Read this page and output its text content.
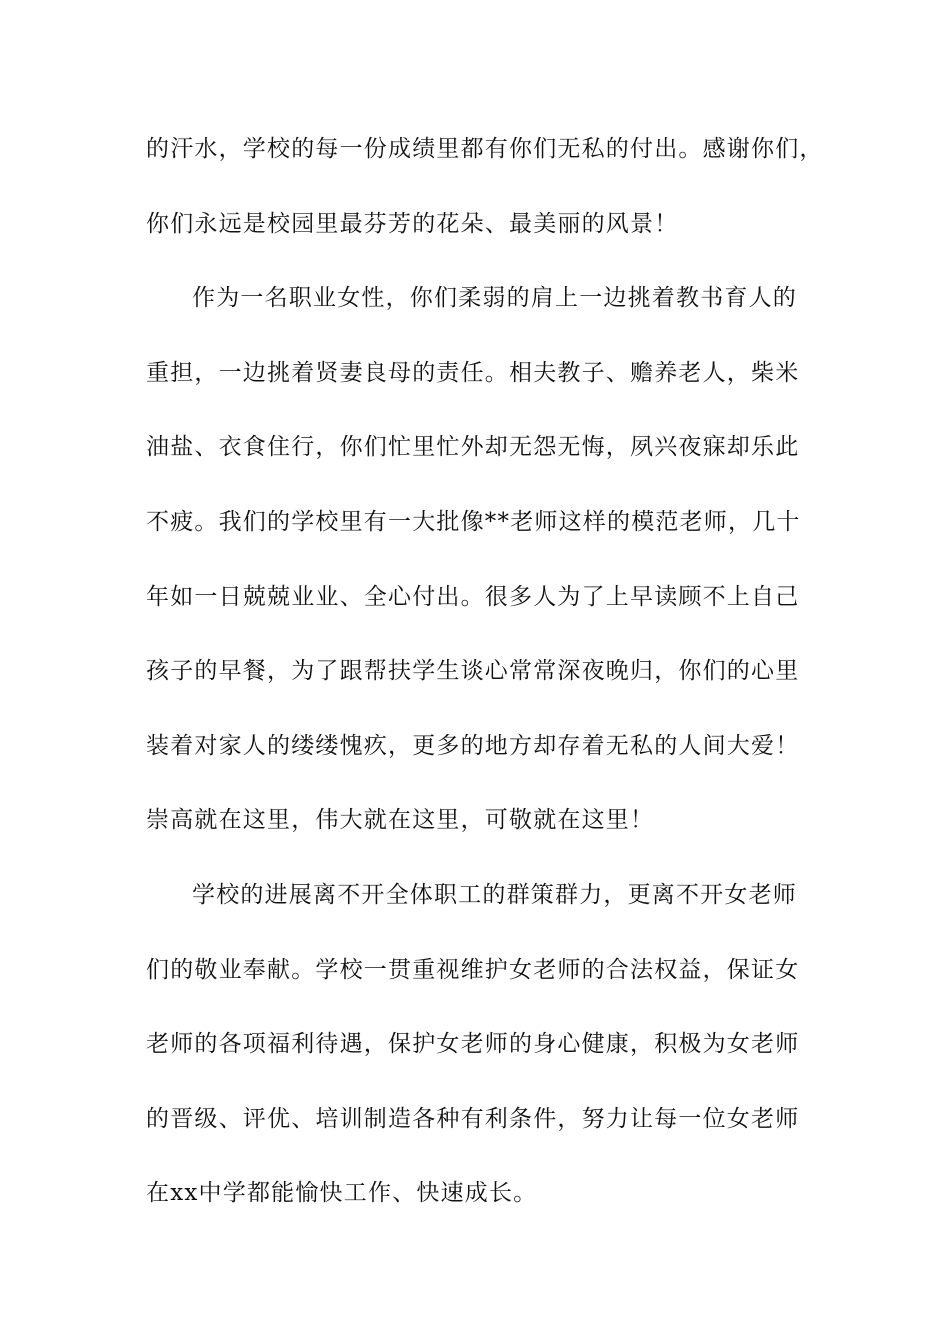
的汗水，学校的每一份成绩里都有你们无私的付出。感谢你们，
你们永远是校园里最芬芳的花朵、最美丽的风景！
作为一名职业女性，你们柔弱的肩上一边挑着教书育人的
重担，一边挑着贤妻良母的责任。相夫教子、赡养老人，柴米
油盐、衣食住行，你们忙里忙外却无怨无悔，夙兴夜寐却乐此
不疲。我们的学校里有一大批像**老师这样的模范老师，几十
年如一日兢兢业业、全心付出。很多人为了上早读顾不上自己
孩子的早餐，为了跟帮扶学生谈心常常深夜晚归，你们的心里
装着对家人的缕缕愧疚，更多的地方却存着无私的人间大爱！
崇高就在这里，伟大就在这里，可敬就在这里！
学校的进展离不开全体职工的群策群力，更离不开女老师
们的敬业奉献。学校一贯重视维护女老师的合法权益，保证女
老师的各项福利待遇，保护女老师的身心健康，积极为女老师
的晋级、评优、培训制造各种有利条件，努力让每一位女老师
在xx中学都能愉快工作、快速成长。
